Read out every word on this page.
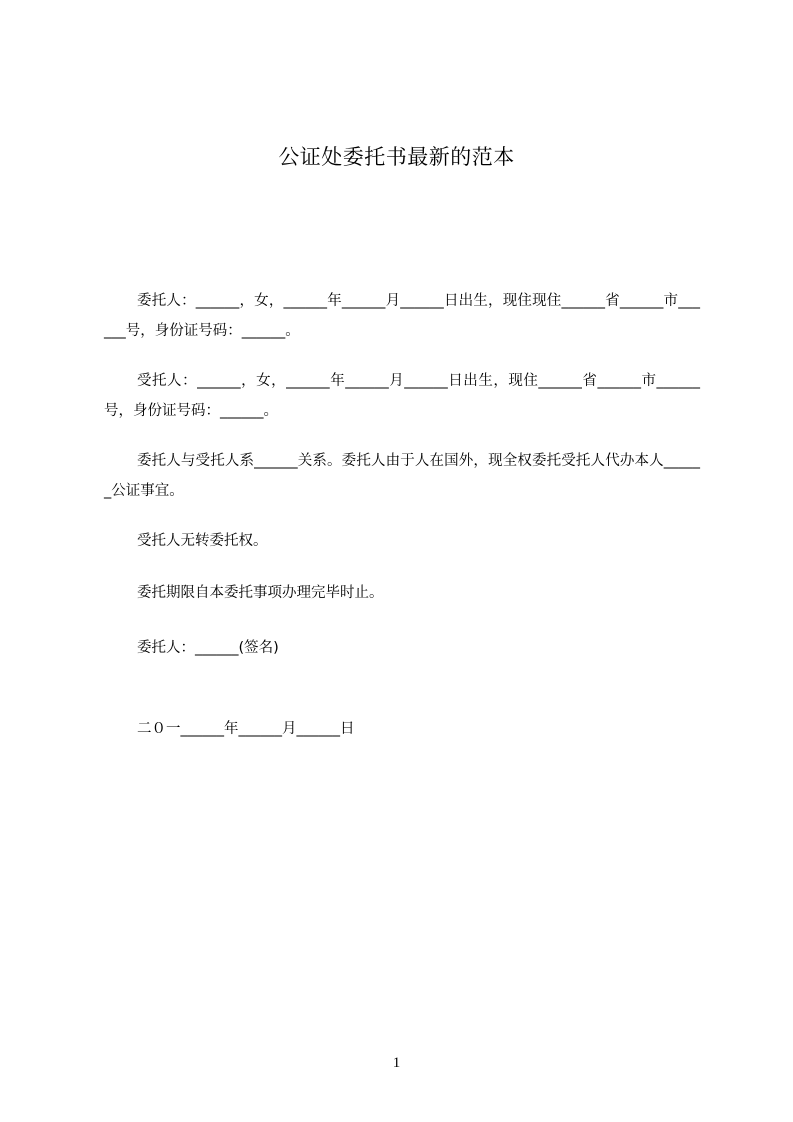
公证处委托书最新的范本
委托人：______，女，______年______月______日出生，现住现住______省______市______号，身份证号码：______。
受托人：______，女，______年______月______日出生，现住______省______市______号，身份证号码：______。
委托人与受托人系______关系。委托人由于人在国外，现全权委托受托人代办本人______公证事宜。
受托人无转委托权。
委托期限自本委托事项办理完毕时止。
委托人：______(签名)
二０一______年______月______日
1
